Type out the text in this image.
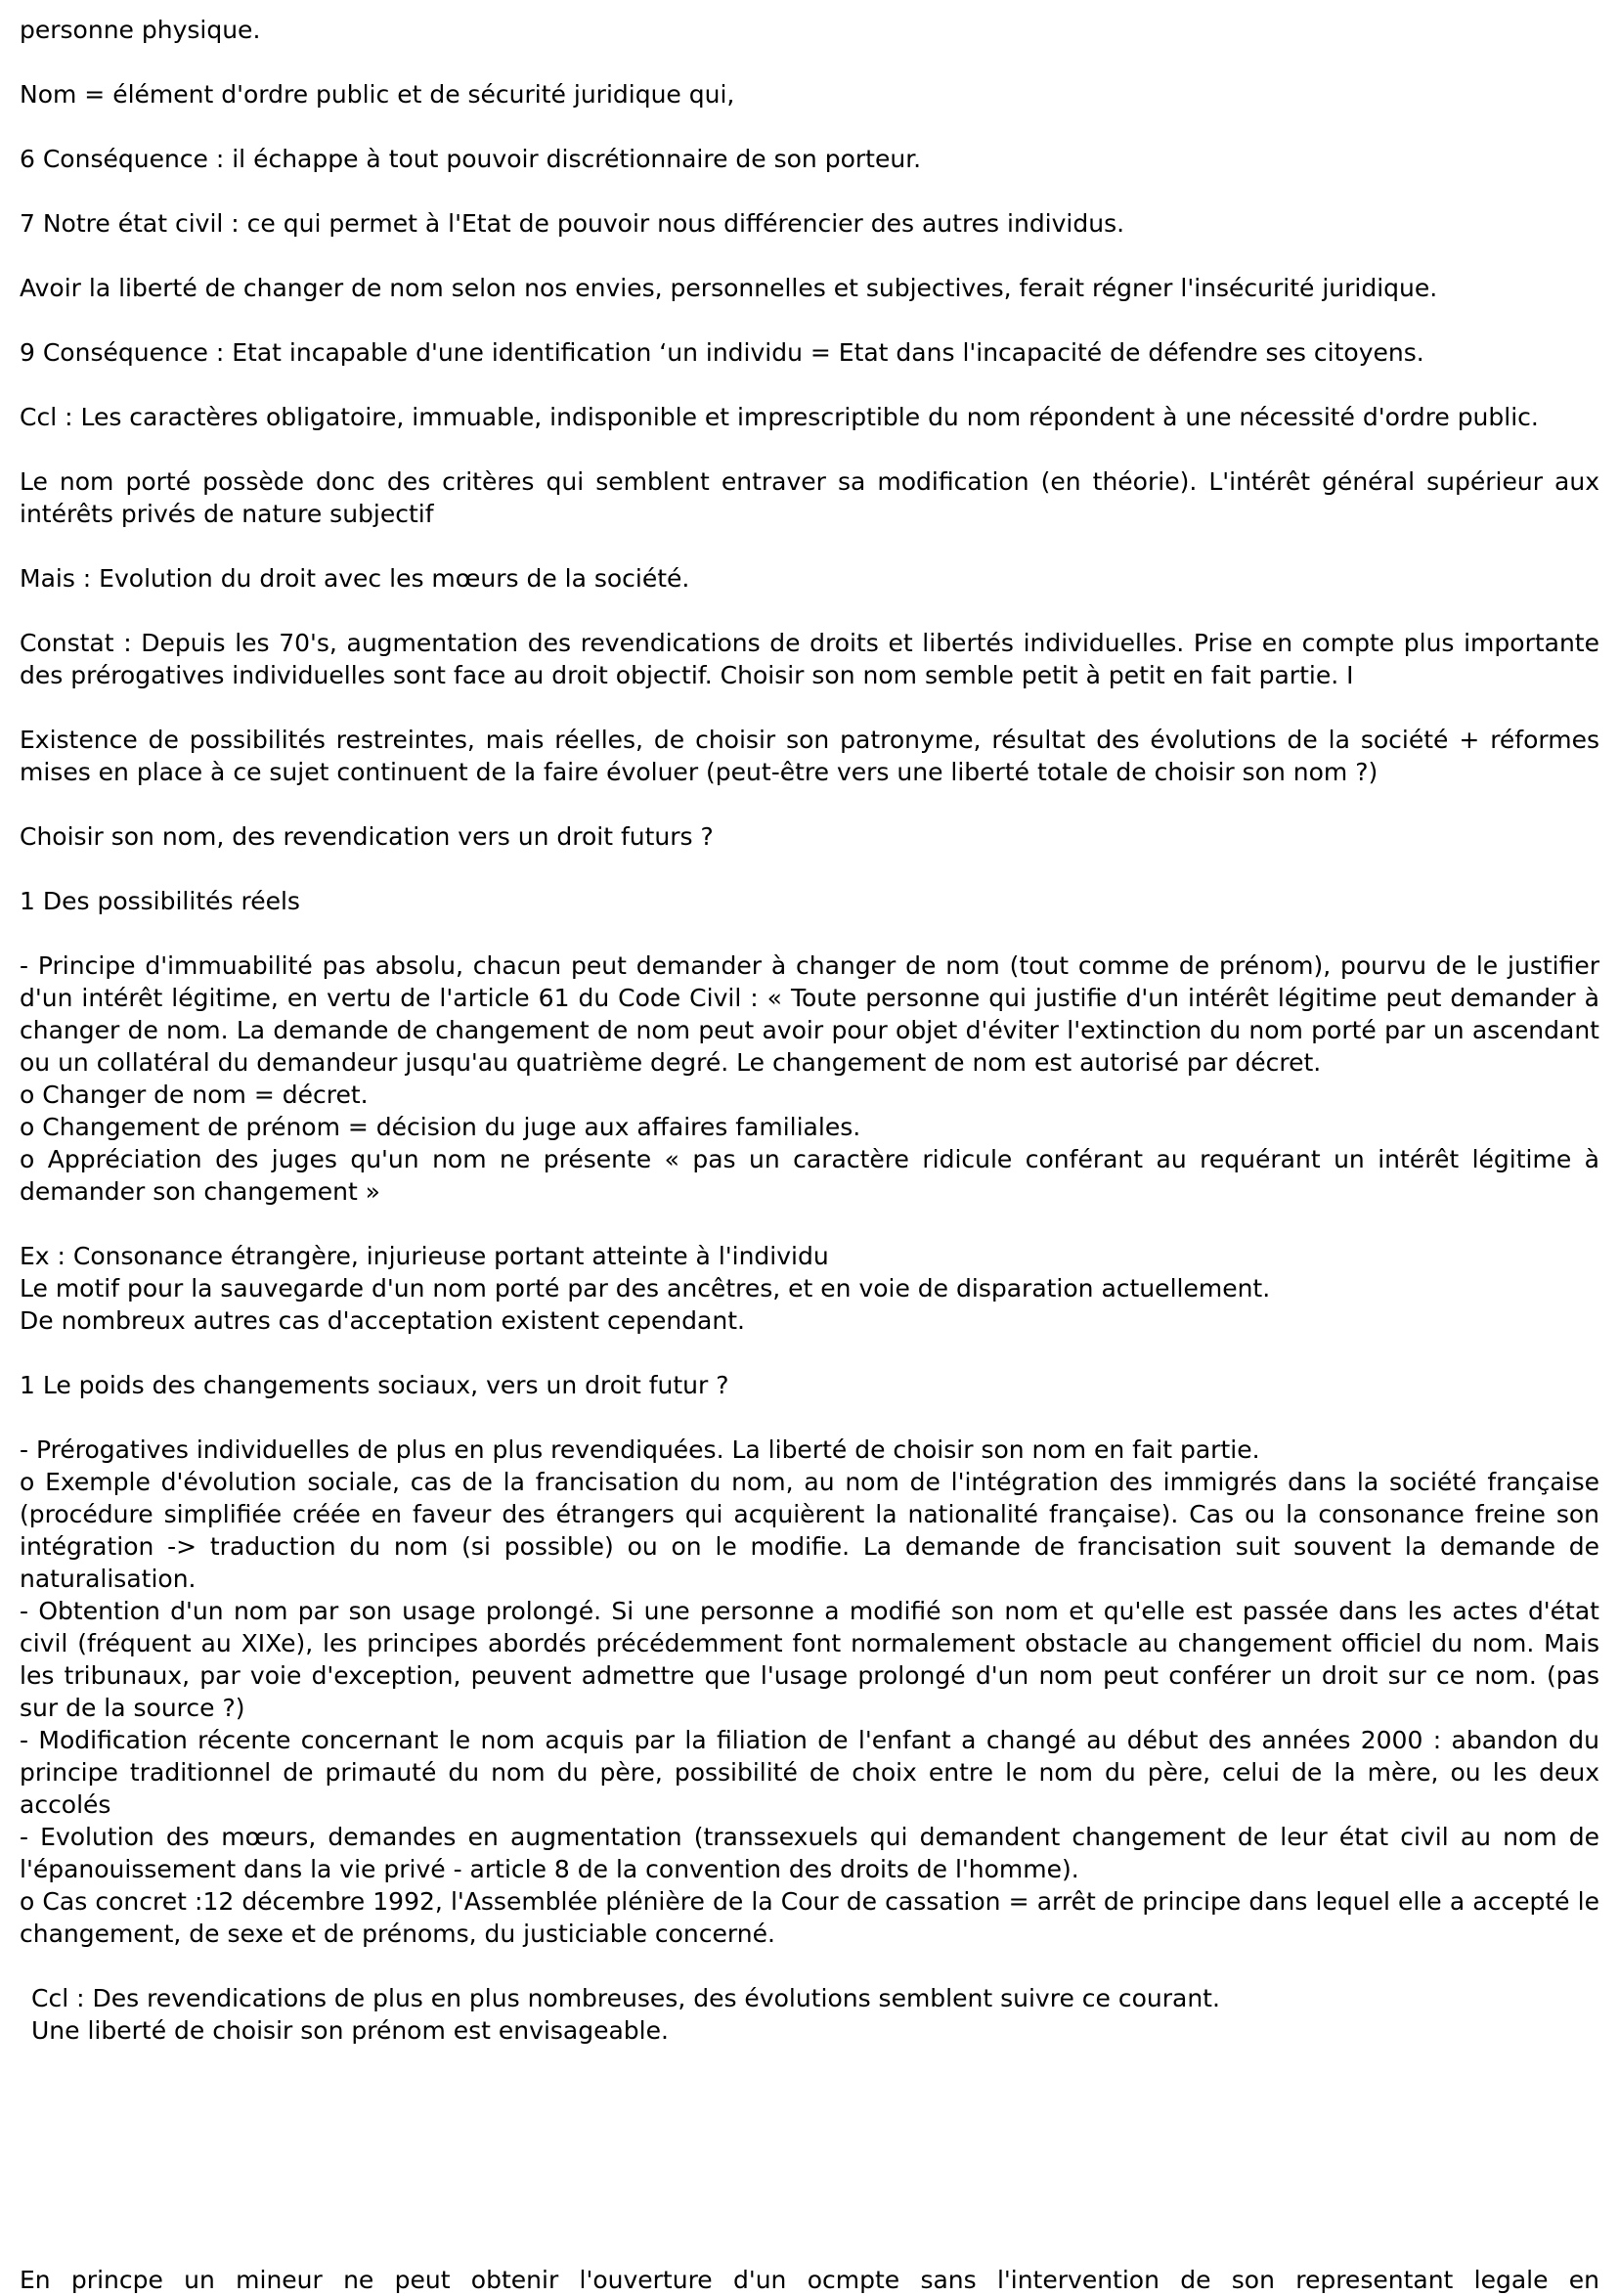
personne physique.

Nom = élément d'ordre public et de sécurité juridique qui,

6 Conséquence : il échappe à tout pouvoir discrétionnaire de son porteur.

7 Notre état civil : ce qui permet à l'Etat de pouvoir nous différencier des autres individus.

Avoir la liberté de changer de nom selon nos envies, personnelles et subjectives, ferait régner l'insécurité juridique.

9 Conséquence : Etat incapable d'une identification ‘un individu = Etat dans l'incapacité de défendre ses citoyens.

Ccl : Les caractères obligatoire, immuable, indisponible et imprescriptible du nom répondent à une nécessité d'ordre public.

Le nom porté possède donc des critères qui semblent entraver sa modification (en théorie). L'intérêt général supérieur aux intérêts privés de nature subjectif

Mais : Evolution du droit avec les mœurs de la société.

Constat : Depuis les 70's, augmentation des revendications de droits et libertés individuelles. Prise en compte plus importante des prérogatives individuelles sont face au droit objectif. Choisir son nom semble petit à petit en fait partie. I

Existence de possibilités restreintes, mais réelles, de choisir son patronyme, résultat des évolutions de la société + réformes mises en place à ce sujet continuent de la faire évoluer (peut-être vers une liberté totale de choisir son nom ?)

Choisir son nom, des revendication vers un droit futurs ?

1 Des possibilités réels

- Principe d'immuabilité pas absolu, chacun peut demander à changer de nom (tout comme de prénom), pourvu de le justifier d'un intérêt légitime, en vertu de l'article 61 du Code Civil : « Toute personne qui justifie d'un intérêt légitime peut demander à changer de nom. La demande de changement de nom peut avoir pour objet d'éviter l'extinction du nom porté par un ascendant ou un collatéral du demandeur jusqu'au quatrième degré. Le changement de nom est autorisé par décret.
o Changer de nom = décret.
o Changement de prénom = décision du juge aux affaires familiales.
o Appréciation des juges qu'un nom ne présente « pas un caractère ridicule conférant au requérant un intérêt légitime à demander son changement »
Ex : Consonance étrangère, injurieuse portant atteinte à l'individu
Le motif pour la sauvegarde d'un nom porté par des ancêtres, et en voie de disparation actuellement.
De nombreux autres cas d'acceptation existent cependant.

1 Le poids des changements sociaux, vers un droit futur ?

- Prérogatives individuelles de plus en plus revendiquées. La liberté de choisir son nom en fait partie.
o Exemple d'évolution sociale, cas de la francisation du nom, au nom de l'intégration des immigrés dans la société française (procédure simplifiée créée en faveur des étrangers qui acquièrent la nationalité française). Cas ou la consonance freine son intégration -> traduction du nom (si possible) ou on le modifie. La demande de francisation suit souvent la demande de naturalisation.
- Obtention d'un nom par son usage prolongé. Si une personne a modifié son nom et qu'elle est passée dans les actes d'état civil (fréquent au XIXe), les principes abordés précédemment font normalement obstacle au changement officiel du nom. Mais les tribunaux, par voie d'exception, peuvent admettre que l'usage prolongé d'un nom peut conférer un droit sur ce nom. (pas sur de la source ?)
- Modification récente concernant le nom acquis par la filiation de l'enfant a changé au début des années 2000 : abandon du principe traditionnel de primauté du nom du père, possibilité de choix entre le nom du père, celui de la mère, ou les deux accolés
- Evolution des mœurs, demandes en augmentation (transsexuels qui demandent changement de leur état civil au nom de l'épanouissement dans la vie privé - article 8 de la convention des droits de l'homme).
o Cas concret :12 décembre 1992, l'Assemblée plénière de la Cour de cassation = arrêt de principe dans lequel elle a accepté le changement, de sexe et de prénoms, du justiciable concerné.
Ccl : Des revendications de plus en plus nombreuses, des évolutions semblent suivre ce courant.
Une liberté de choisir son prénom est envisageable.
En princpe un mineur ne peut obtenir l'ouverture d'un ocmpte sans l'intervention de son representant legale en
